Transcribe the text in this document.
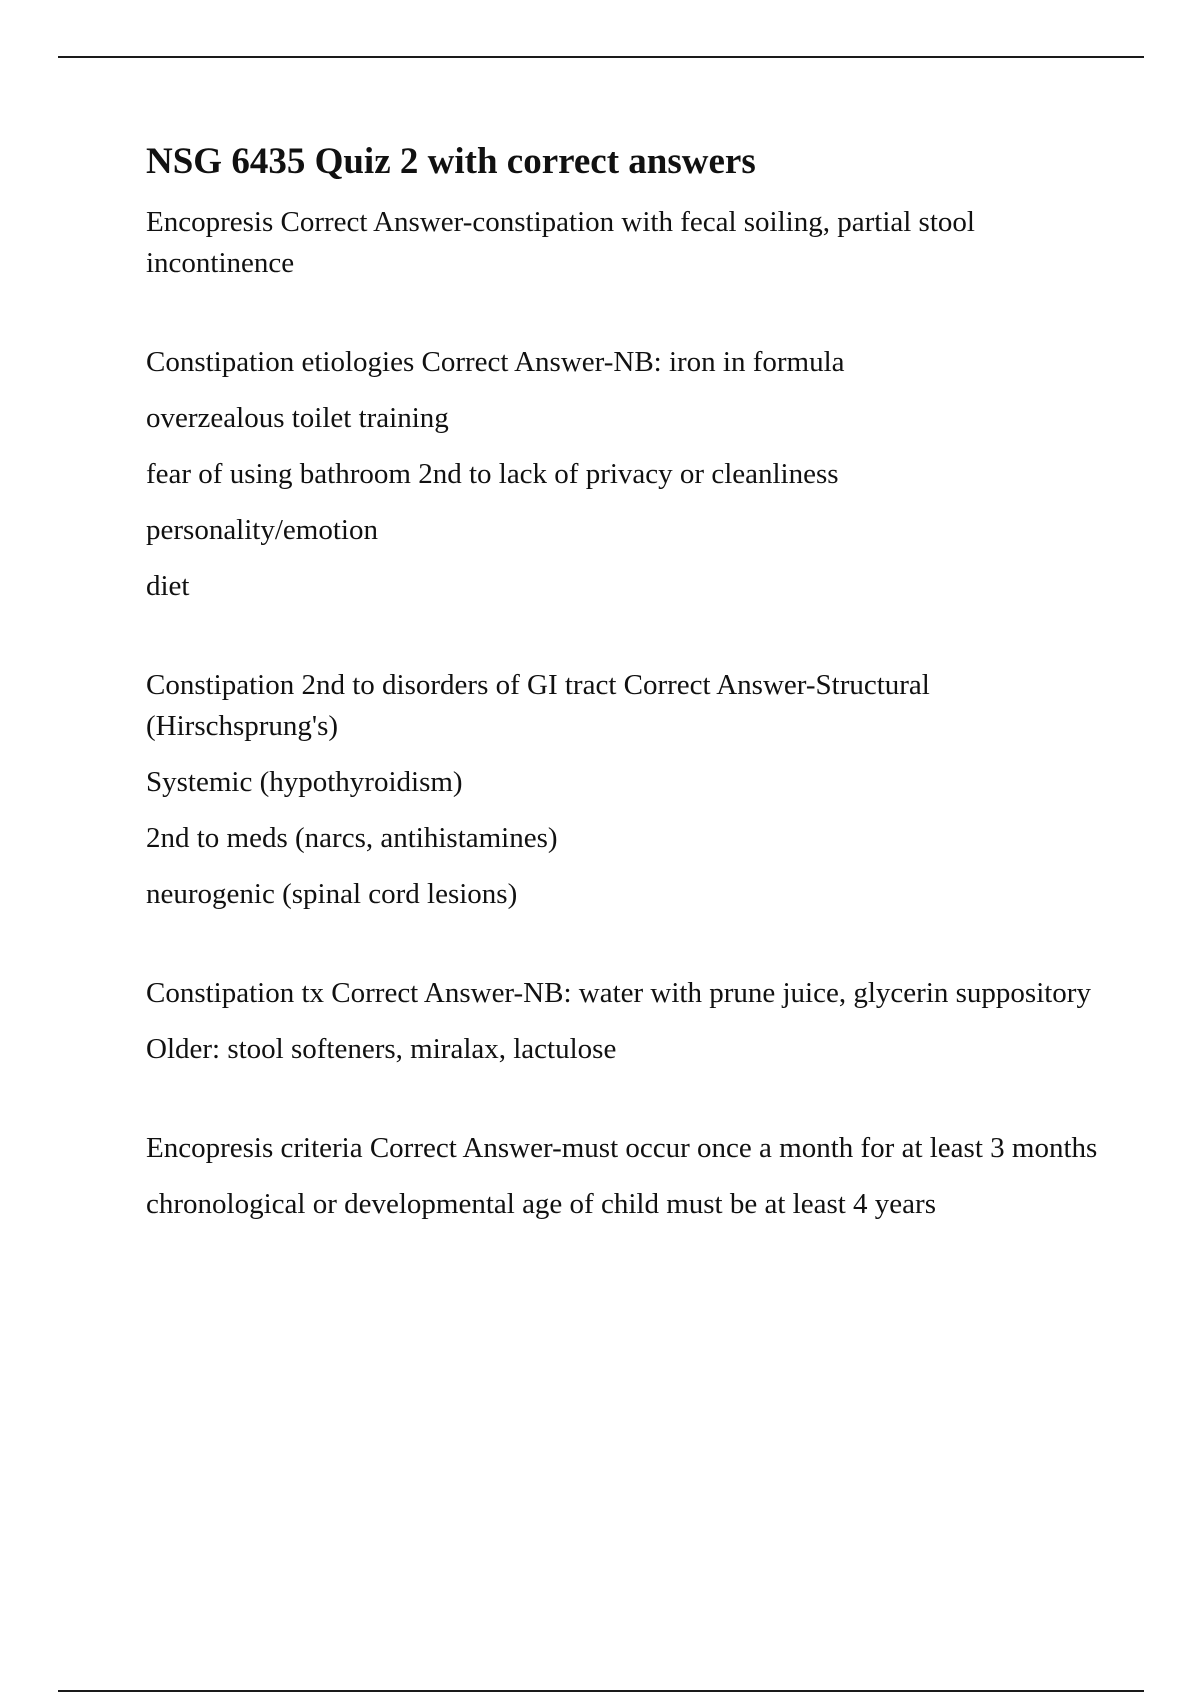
NSG 6435 Quiz 2 with correct answers

Encopresis Correct Answer-constipation with fecal soiling, partial stool incontinence

Constipation etiologies Correct Answer-NB: iron in formula

overzealous toilet training

fear of using bathroom 2nd to lack of privacy or cleanliness

personality/emotion

diet

Constipation 2nd to disorders of GI tract Correct Answer-Structural (Hirschsprung's)

Systemic (hypothyroidism)

2nd to meds (narcs, antihistamines)

neurogenic (spinal cord lesions)

Constipation tx Correct Answer-NB: water with prune juice, glycerin suppository

Older: stool softeners, miralax, lactulose

Encopresis criteria Correct Answer-must occur once a month for at least 3 months

chronological or developmental age of child must be at least 4 years
